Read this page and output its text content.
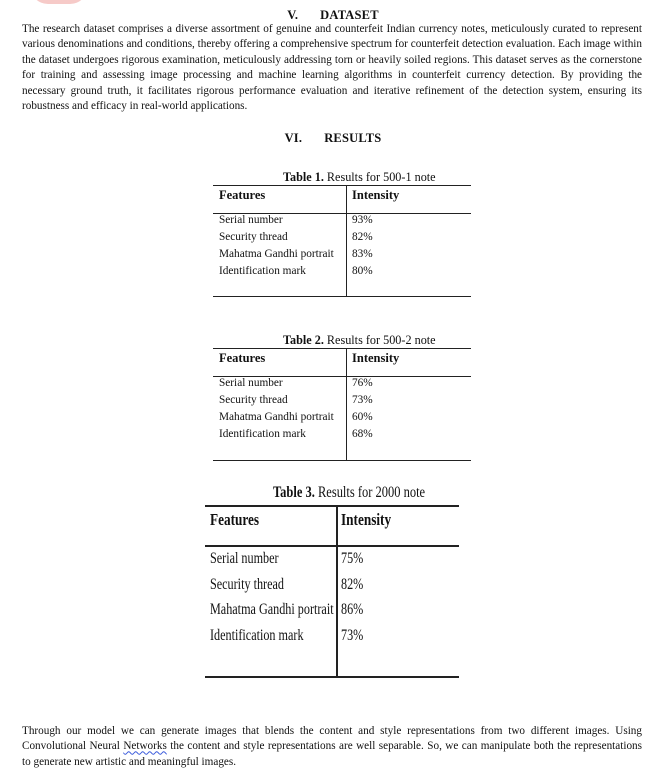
V. DATASET
The research dataset comprises a diverse assortment of genuine and counterfeit Indian currency notes, meticulously curated to represent various denominations and conditions, thereby offering a comprehensive spectrum for counterfeit detection evaluation. Each image within the dataset undergoes rigorous examination, meticulously addressing torn or heavily soiled regions. This dataset serves as the cornerstone for training and assessing image processing and machine learning algorithms in counterfeit currency detection. By providing the necessary ground truth, it facilitates rigorous performance evaluation and iterative refinement of the detection system, ensuring its robustness and efficacy in real-world applications.
VI. RESULTS
Table 1. Results for 500-1 note
Features	Intensity
Serial number	93%
Security thread	82%
Mahatma Gandhi portrait 83%
Identification mark	80%
Table 2. Results for 500-2 note
Features	Intensity
Serial number	76%
Security thread	73%
Mahatma Gandhi portrait 60%
Identification mark	68%
Table 3. Results for 2000 note
Features	Intensity
Serial number	75%
Security thread	82%
Mahatma Gandhi portrait 86%
Identification mark 73%
Through our model we can generate images that blends the content and style representations from two different images. Using Convolutional Neural Networks the content and style representations are well separable. So, we can manipulate both the representations to generate new artistic and meaningful images.
